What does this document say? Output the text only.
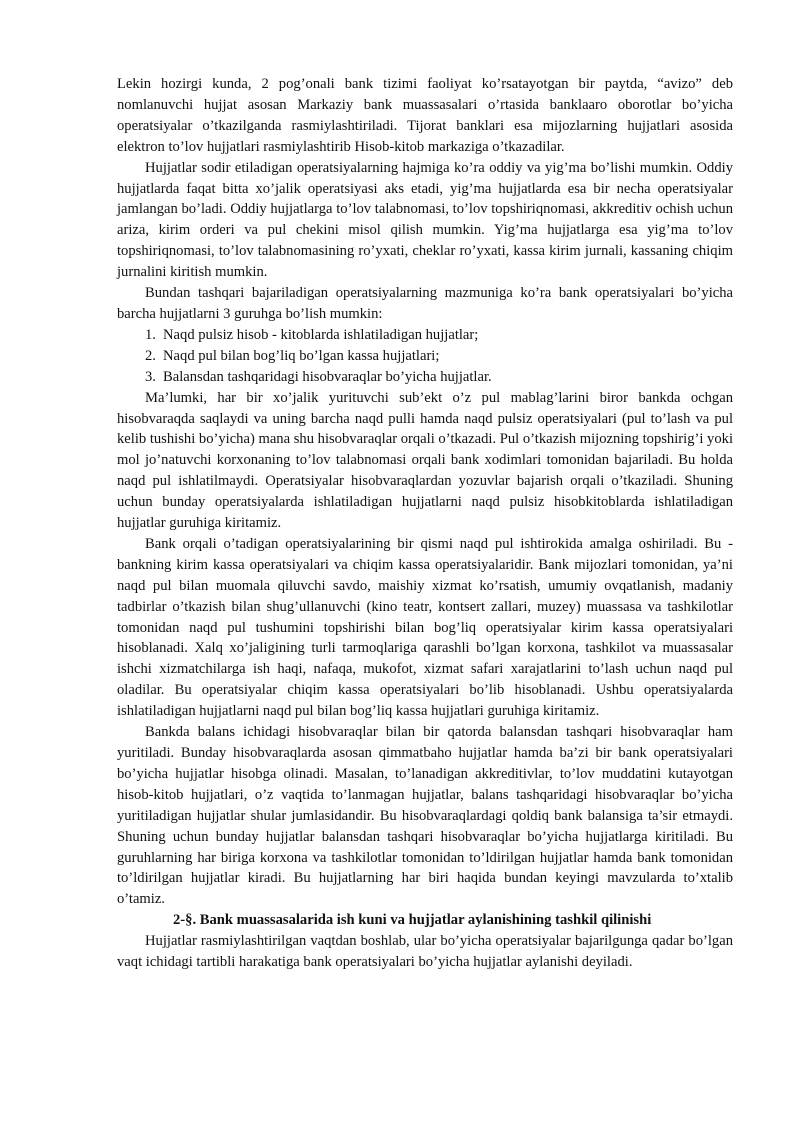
Lekin hozirgi kunda, 2 pog’onali bank tizimi faoliyat ko’rsatayotgan bir paytda, “avizo” deb nomlanuvchi hujjat asosan Markaziy bank muassasalari o’rtasida banklaaro oborotlar bo’yicha operatsiyalar o’tkazilganda rasmiylashtiriladi. Tijorat banklari esa mijozlarning hujjatlari asosida elektron to’lov hujjatlari rasmiylashtirib Hisob-kitob markaziga o’tkazadilar.

Hujjatlar sodir etiladigan operatsiyalarning hajmiga ko’ra oddiy va yig’ma bo’lishi mumkin. Oddiy hujjatlarda faqat bitta xo’jalik operatsiyasi aks etadi, yig’ma hujjatlarda esa bir necha operatsiyalar jamlangan bo’ladi. Oddiy hujjatlarga to’lov talabnomasi, to’lov topshiriqnomasi, akkreditiv ochish uchun ariza, kirim orderi va pul chekini misol qilish mumkin. Yig’ma hujjatlarga esa yig’ma to’lov topshiriqnomasi, to’lov talabnomasining ro’yxati, cheklar ro’yxati, kassa kirim jurnali, kassaning chiqim jurnalini kiritish mumkin.

Bundan tashqari bajariladigan operatsiyalarning mazmuniga ko’ra bank operatsiyalari bo’yicha barcha hujjatlarni 3 guruhga bo’lish mumkin:

1. Naqd pulsiz hisob - kitoblarda ishlatiladigan hujjatlar;
2. Naqd pul bilan bog’liq bo’lgan kassa hujjatlari;
3. Balansdan tashqaridagi hisobvaraqlar bo’yicha hujjatlar.

Ma’lumki, har bir xo’jalik yurituvchi sub’ekt o’z pul mablag’larini biror bankda ochgan hisobvaraqda saqlaydi va uning barcha naqd pulli hamda naqd pulsiz operatsiyalari (pul to’lash va pul kelib tushishi bo’yicha) mana shu hisobvaraqlar orqali o’tkazadi. Pul o’tkazish mijozning topshirig’i yoki mol jo’natuvchi korxonaning to’lov talabnomasi orqali bank xodimlari tomonidan bajariladi. Bu holda naqd pul ishlatilmaydi. Operatsiyalar hisobvaraqlardan yozuvlar bajarish orqali o’tkaziladi. Shuning uchun bunday operatsiyalarda ishlatiladigan hujjatlarni naqd pulsiz hisobkitoblarda ishlatiladigan hujjatlar guruhiga kiritamiz.

Bank orqali o’tadigan operatsiyalarining bir qismi naqd pul ishtirokida amalga oshiriladi. Bu - bankning kirim kassa operatsiyalari va chiqim kassa operatsiyalaridir. Bank mijozlari tomonidan, ya’ni naqd pul bilan muomala qiluvchi savdo, maishiy xizmat ko’rsatish, umumiy ovqatlanish, madaniy tadbirlar o’tkazish bilan shug’ullanuvchi (kino teatr, kontsert zallari, muzey) muassasa va tashkilotlar tomonidan naqd pul tushumini topshirishi bilan bog’liq operatsiyalar kirim kassa operatsiyalari hisoblanadi. Xalq xo’jaligining turli tarmoqlariga qarashli bo’lgan korxona, tashkilot va muassasalar ishchi xizmatchilarga ish haqi, nafaqa, mukofot, xizmat safari xarajatlarini to’lash uchun naqd pul oladilar. Bu operatsiyalar chiqim kassa operatsiyalari bo’lib hisoblanadi. Ushbu operatsiyalarda ishlatiladigan hujjatlarni naqd pul bilan bog’liq kassa hujjatlari guruhiga kiritamiz.

Bankda balans ichidagi hisobvaraqlar bilan bir qatorda balansdan tashqari hisobvaraqlar ham yuritiladi. Bunday hisobvaraqlarda asosan qimmatbaho hujjatlar hamda ba’zi bir bank operatsiyalari bo’yicha hujjatlar hisobga olinadi. Masalan, to’lanadigan akkreditivlar, to’lov muddatini kutayotgan hisob-kitob hujjatlari, o’z vaqtida to’lanmagan hujjatlar, balans tashqaridagi hisobvaraqlar bo’yicha yuritiladigan hujjatlar shular jumlasidandir. Bu hisobvaraqlardagi qoldiq bank balansiga ta’sir etmaydi. Shuning uchun bunday hujjatlar balansdan tashqari hisobvaraqlar bo’yicha hujjatlarga kiritiladi. Bu guruhlarning har biriga korxona va tashkilotlar tomonidan to’ldirilgan hujjatlar hamda bank tomonidan to’ldirilgan hujjatlar kiradi. Bu hujjatlarning har biri haqida bundan keyingi mavzularda to’xtalib o’tamiz.

2-§. Bank muassasalarida ish kuni va hujjatlar aylanishining tashkil qilinishi

Hujjatlar rasmiylashtirilgan vaqtdan boshlab, ular bo’yicha operatsiyalar bajarilgunga qadar bo’lgan vaqt ichidagi tartibli harakatiga bank operatsiyalari bo’yicha hujjatlar aylanishi deyiladi.
